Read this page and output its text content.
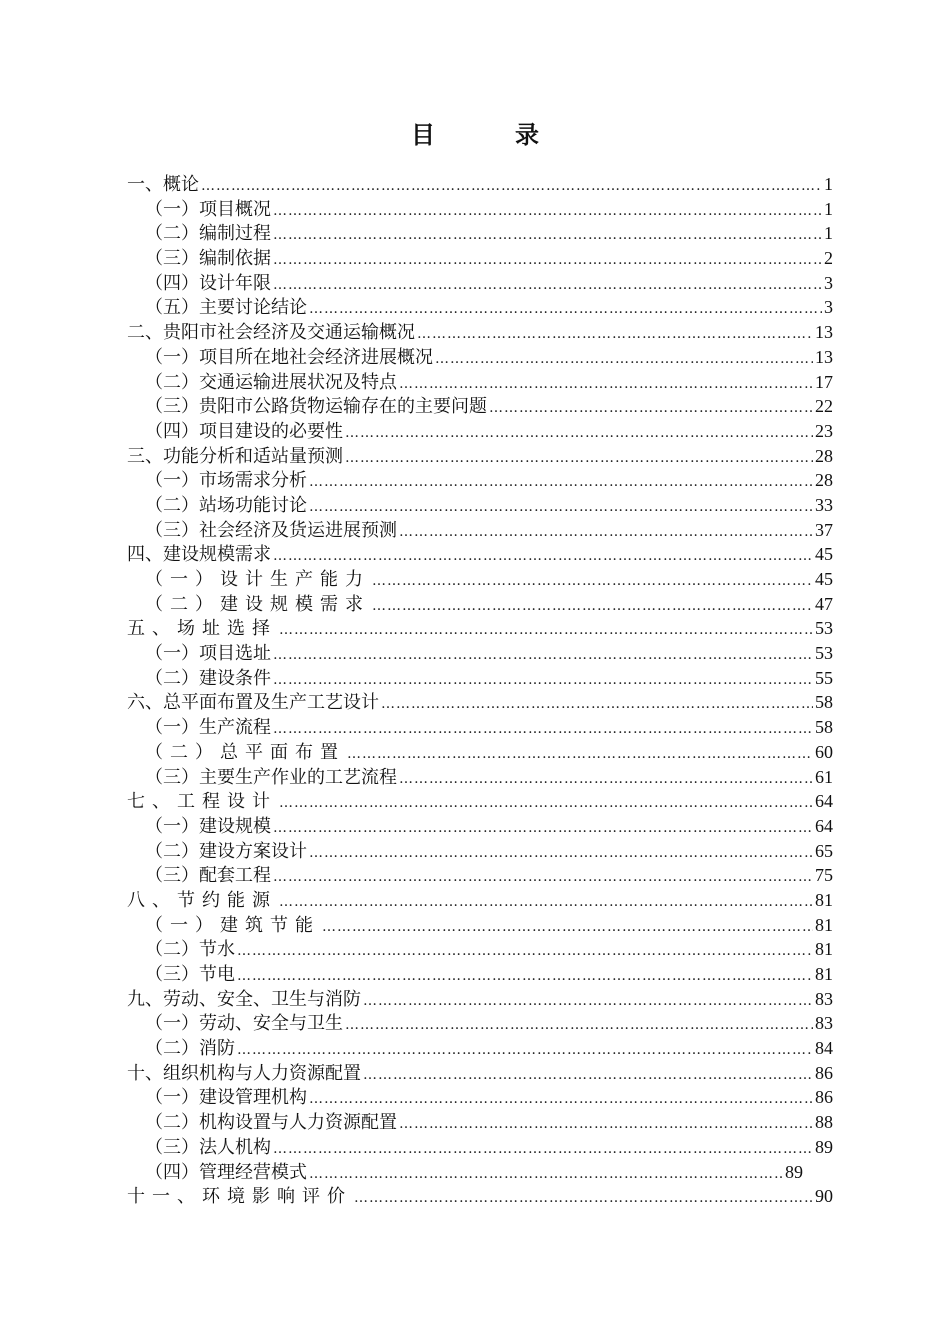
目　录
一、概论 ……………………………………………………………………………………………………………………………………………………	1
（一）项目概况 ……………………………………………………………………………………………………………………………………………………	1
（二）编制过程 ……………………………………………………………………………………………………………………………………………………	1
（三）编制依据 ……………………………………………………………………………………………………………………………………………………	2
（四）设计年限 ……………………………………………………………………………………………………………………………………………………	3
（五）主要讨论结论 ……………………………………………………………………………………………………………………………………………………	3
二、贵阳市社会经济及交通运输概况 ……………………………………………………………………………………………………………………………………………………	13
（一）项目所在地社会经济进展概况 ……………………………………………………………………………………………………………………………………………………	13
（二）交通运输进展状况及特点 ……………………………………………………………………………………………………………………………………………………	17
（三）贵阳市公路货物运输存在的主要问题 ……………………………………………………………………………………………………………………………………………………	22
（四）项目建设的必要性 ……………………………………………………………………………………………………………………………………………………	23
三、功能分析和适站量预测 ……………………………………………………………………………………………………………………………………………………	28
（一）市场需求分析 ……………………………………………………………………………………………………………………………………………………	28
（二）站场功能讨论 ……………………………………………………………………………………………………………………………………………………	33
（三）社会经济及货运进展预测 ……………………………………………………………………………………………………………………………………………………	37
四、建设规模需求 ……………………………………………………………………………………………………………………………………………………	45
（一）设计生产能力 ……………………………………………………………………………………………………………………………………………………	45
（二）建设规模需求 ……………………………………………………………………………………………………………………………………………………	47
五、场址选择 ……………………………………………………………………………………………………………………………………………………	53
（一）项目选址 ……………………………………………………………………………………………………………………………………………………	53
（二）建设条件 ……………………………………………………………………………………………………………………………………………………	55
六、总平面布置及生产工艺设计 ……………………………………………………………………………………………………………………………………………………	58
（一）生产流程 ……………………………………………………………………………………………………………………………………………………	58
（二）总平面布置 ……………………………………………………………………………………………………………………………………………………	60
（三）主要生产作业的工艺流程 ……………………………………………………………………………………………………………………………………………………	61
七、工程设计 ……………………………………………………………………………………………………………………………………………………	64
（一）建设规模 ……………………………………………………………………………………………………………………………………………………	64
（二）建设方案设计 ……………………………………………………………………………………………………………………………………………………	65
（三）配套工程 ……………………………………………………………………………………………………………………………………………………	75
八、节约能源 ……………………………………………………………………………………………………………………………………………………	81
（一）建筑节能 ……………………………………………………………………………………………………………………………………………………	81
（二）节水 ……………………………………………………………………………………………………………………………………………………	81
（三）节电 ……………………………………………………………………………………………………………………………………………………	81
九、劳动、安全、卫生与消防 ……………………………………………………………………………………………………………………………………………………	83
（一）劳动、安全与卫生 ……………………………………………………………………………………………………………………………………………………	83
（二）消防 ……………………………………………………………………………………………………………………………………………………	84
十、组织机构与人力资源配置 ……………………………………………………………………………………………………………………………………………………	86
（一）建设管理机构 ……………………………………………………………………………………………………………………………………………………	86
（二）机构设置与人力资源配置 ……………………………………………………………………………………………………………………………………………………	88
（三）法人机构 ……………………………………………………………………………………………………………………………………………………	89
（四）管理经营模式 ……………………………………………………………………………………………………………………………………………………	89
十一、环境影响评价 ……………………………………………………………………………………………………………………………………………………	90
